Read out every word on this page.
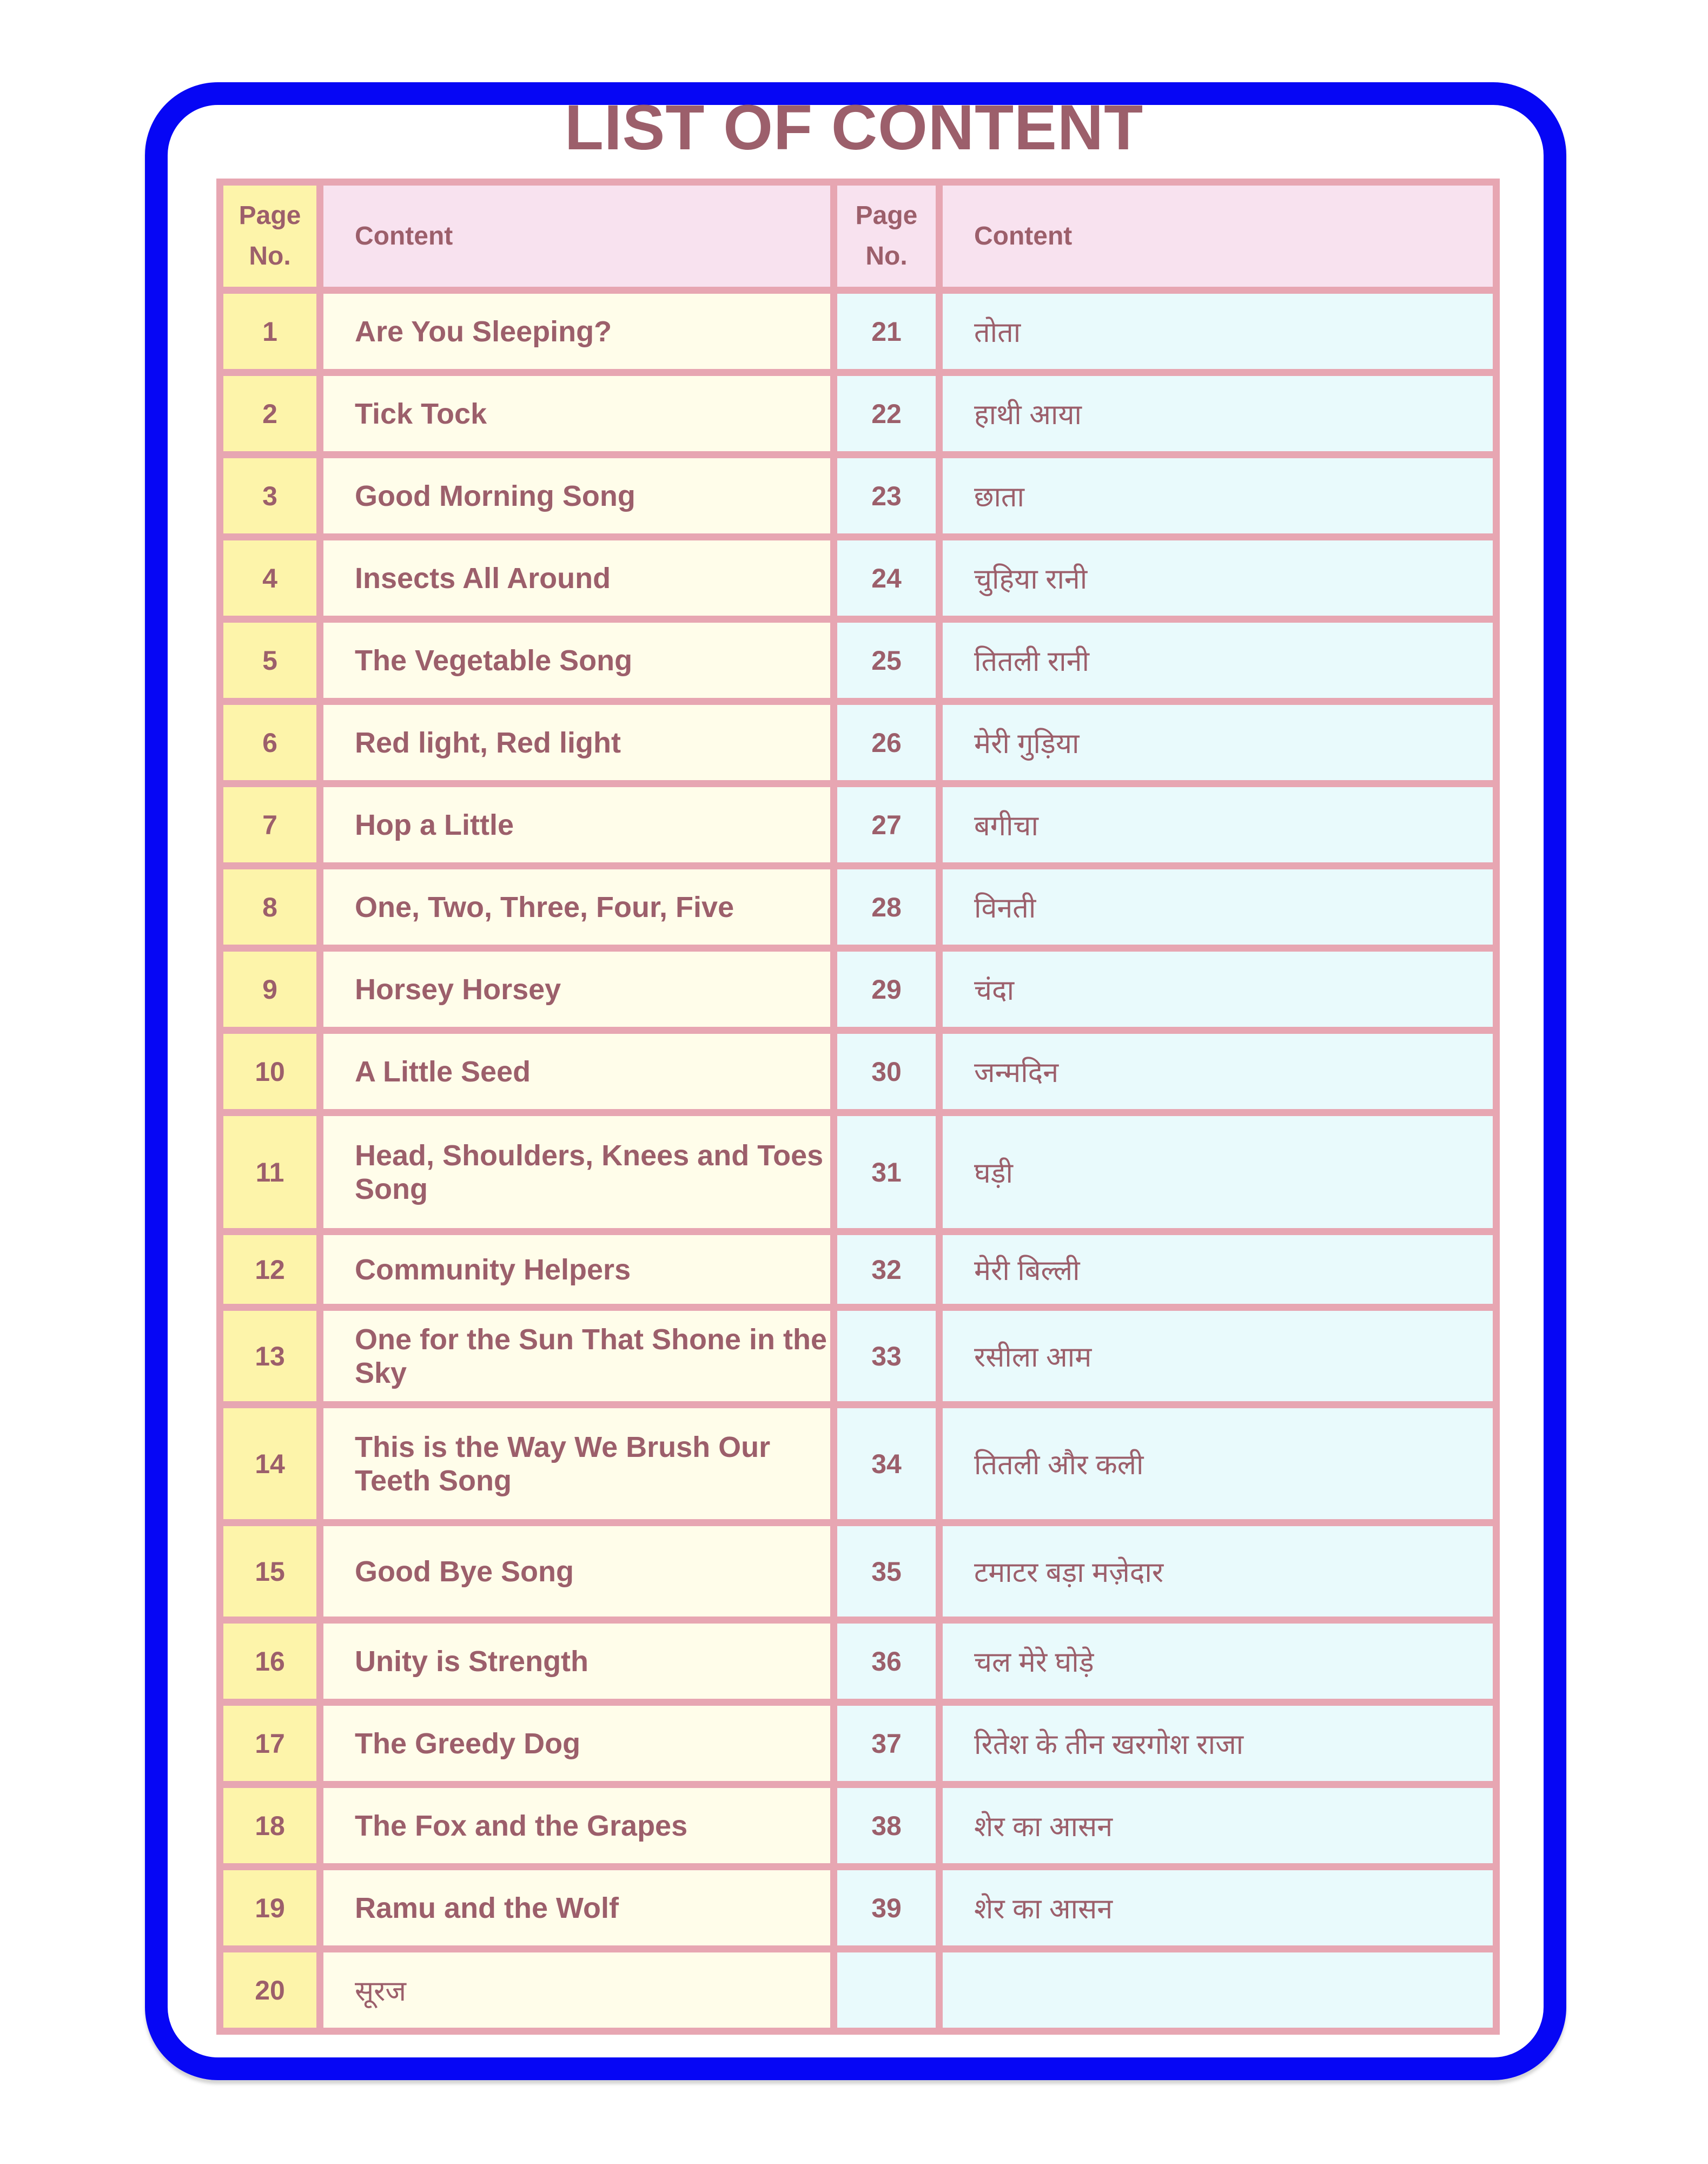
LIST OF CONTENT
Page No.	Content	Page No.	Content
1	Are You Sleeping?	21	तोता
2	Tick Tock	22	हाथी आया
3	Good Morning Song	23	छाता
4	Insects All Around	24	चुहिया रानी
5	The Vegetable Song	25	तितली रानी
6	Red light, Red light	26	मेरी गुड़िया
7	Hop a Little	27	बगीचा
8	One, Two, Three, Four, Five	28	विनती
9	Horsey Horsey	29	चंदा
10	A Little Seed	30	जन्मदिन
11	Head, Shoulders, Knees and Toes Song	31	घड़ी
12	Community Helpers	32	मेरी बिल्ली
13	One for the Sun That Shone in the Sky	33	रसीला आम
14	This is the Way We Brush Our Teeth Song	34	तितली और कली
15	Good Bye Song	35	टमाटर बड़ा मज़ेदार
16	Unity is Strength	36	चल मेरे घोड़े
17	The Greedy Dog	37	रितेश के तीन खरगोश राजा
18	The Fox and the Grapes	38	शेर का आसन
19	Ramu and the Wolf	39	शेर का आसन
20	सूरज		
